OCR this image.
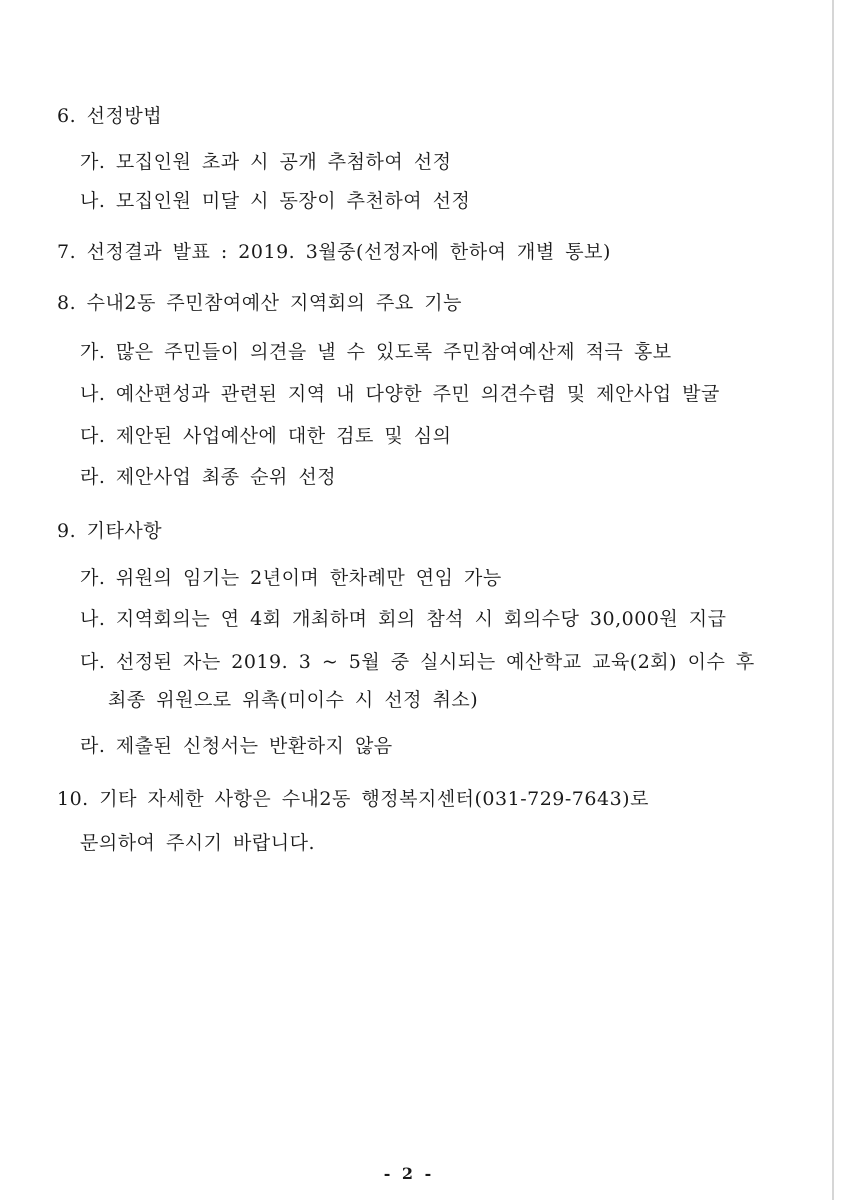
6. 선정방법
가. 모집인원 초과 시 공개 추첨하여 선정
나. 모집인원 미달 시 동장이 추천하여 선정
7. 선정결과 발표 : 2019. 3월중(선정자에 한하여 개별 통보)
8. 수내2동 주민참여예산 지역회의 주요 기능
가. 많은 주민들이 의견을 낼 수 있도록 주민참여예산제 적극 홍보
나. 예산편성과 관련된 지역 내 다양한 주민 의견수렴 및 제안사업 발굴
다. 제안된 사업예산에 대한 검토 및 심의
라. 제안사업 최종 순위 선정
9. 기타사항
가. 위원의 임기는 2년이며 한차례만 연임 가능
나. 지역회의는 연 4회 개최하며 회의 참석 시 회의수당 30,000원 지급
다. 선정된 자는 2019. 3 ~ 5월 중 실시되는 예산학교 교육(2회) 이수 후
최종 위원으로 위촉(미이수 시 선정 취소)
라. 제출된 신청서는 반환하지 않음
10. 기타 자세한 사항은 수내2동 행정복지센터(031-729-7643)로
문의하여 주시기 바랍니다.
- 2 -
